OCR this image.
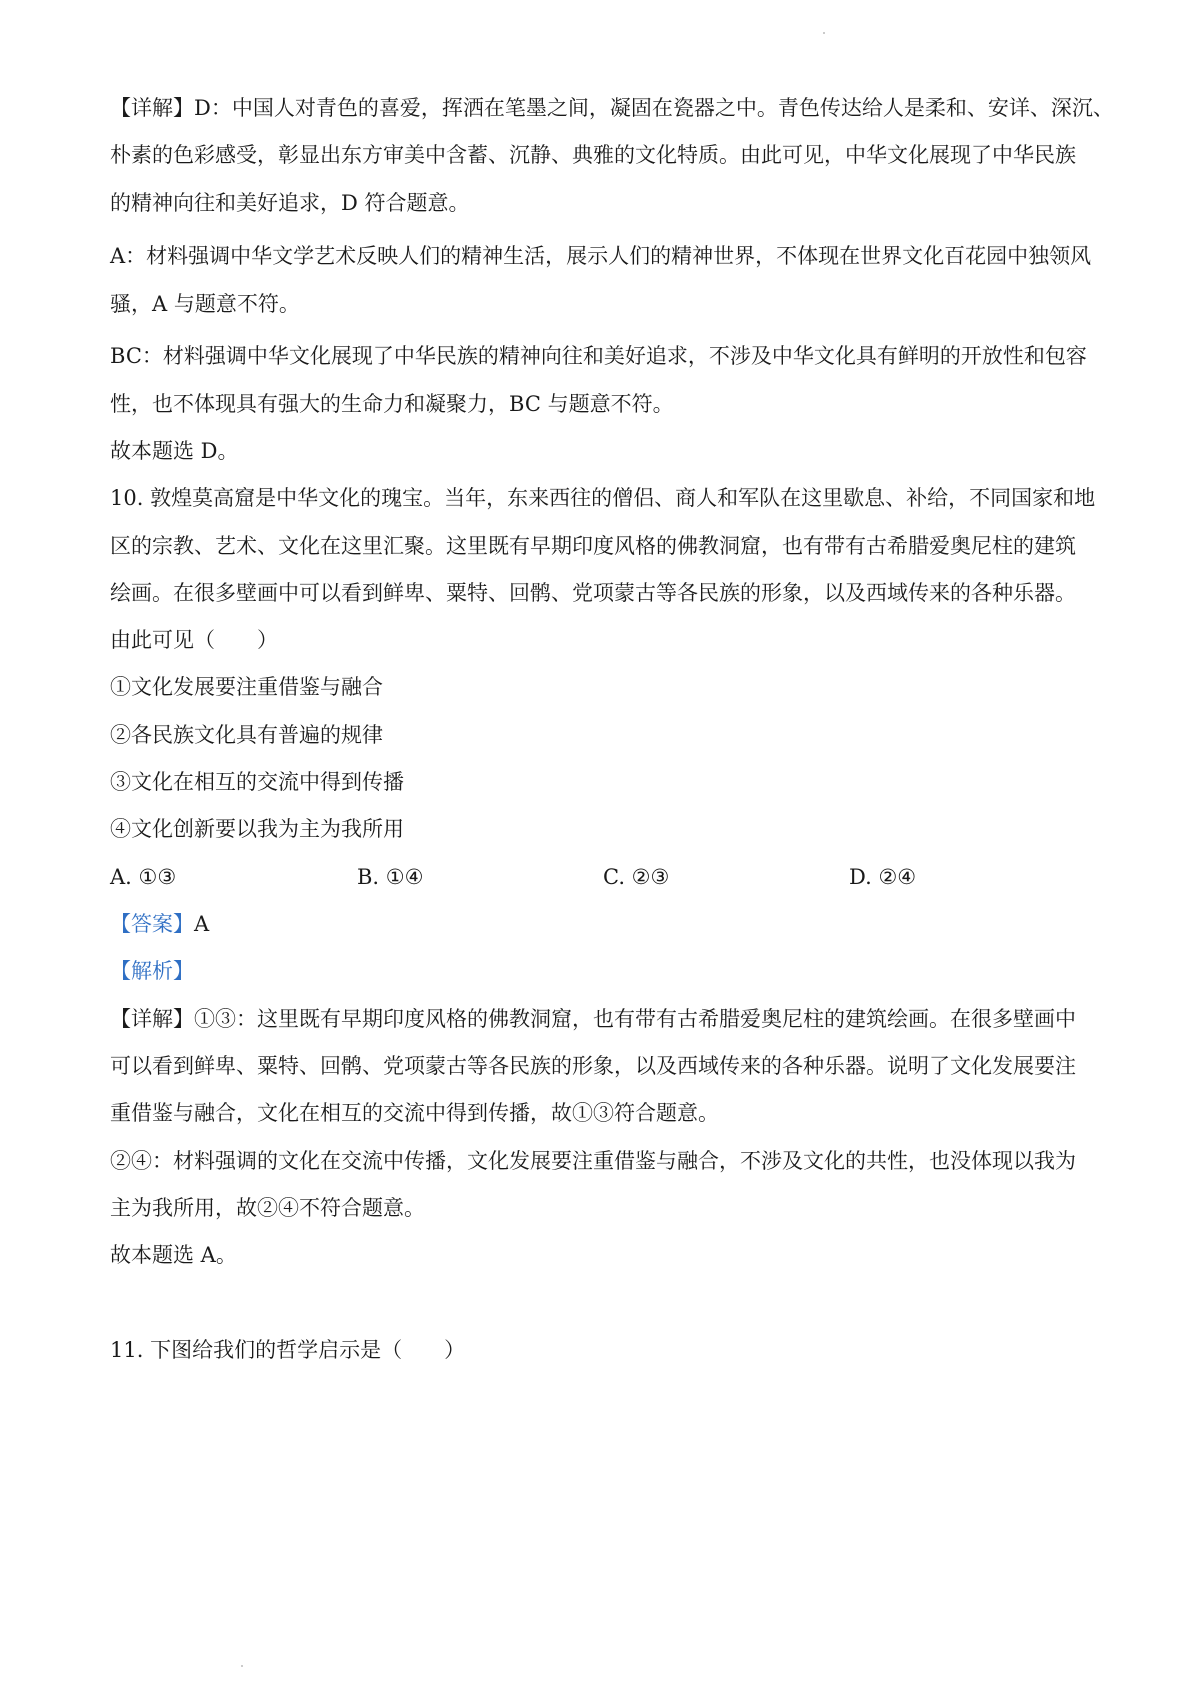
【详解】D：中国人对青色的喜爱，挥洒在笔墨之间，凝固在瓷器之中。青色传达给人是柔和、安详、深沉、
朴素的色彩感受，彰显出东方审美中含蓄、沉静、典雅的文化特质。由此可见，中华文化展现了中华民族
的精神向往和美好追求，D 符合题意。
A：材料强调中华文学艺术反映人们的精神生活，展示人们的精神世界，不体现在世界文化百花园中独领风
骚，A 与题意不符。
BC：材料强调中华文化展现了中华民族的精神向往和美好追求，不涉及中华文化具有鲜明的开放性和包容
性，也不体现具有强大的生命力和凝聚力，BC 与题意不符。
故本题选 D。
10. 敦煌莫高窟是中华文化的瑰宝。当年，东来西往的僧侣、商人和军队在这里歇息、补给，不同国家和地
区的宗教、艺术、文化在这里汇聚。这里既有早期印度风格的佛教洞窟，也有带有古希腊爱奥尼柱的建筑
绘画。在很多壁画中可以看到鲜卑、粟特、回鹘、党项蒙古等各民族的形象，以及西域传来的各种乐器。
由此可见（　　）
①文化发展要注重借鉴与融合
②各民族文化具有普遍的规律
③文化在相互的交流中得到传播
④文化创新要以我为主为我所用
A. ①③	B. ①④	C. ②③	D. ②④
【答案】A
【解析】
【详解】①③：这里既有早期印度风格的佛教洞窟，也有带有古希腊爱奥尼柱的建筑绘画。在很多壁画中
可以看到鲜卑、粟特、回鹘、党项蒙古等各民族的形象，以及西域传来的各种乐器。说明了文化发展要注
重借鉴与融合，文化在相互的交流中得到传播，故①③符合题意。
②④：材料强调的文化在交流中传播，文化发展要注重借鉴与融合，不涉及文化的共性，也没体现以我为
主为我所用，故②④不符合题意。
故本题选 A。
11. 下图给我们的哲学启示是（　　）
